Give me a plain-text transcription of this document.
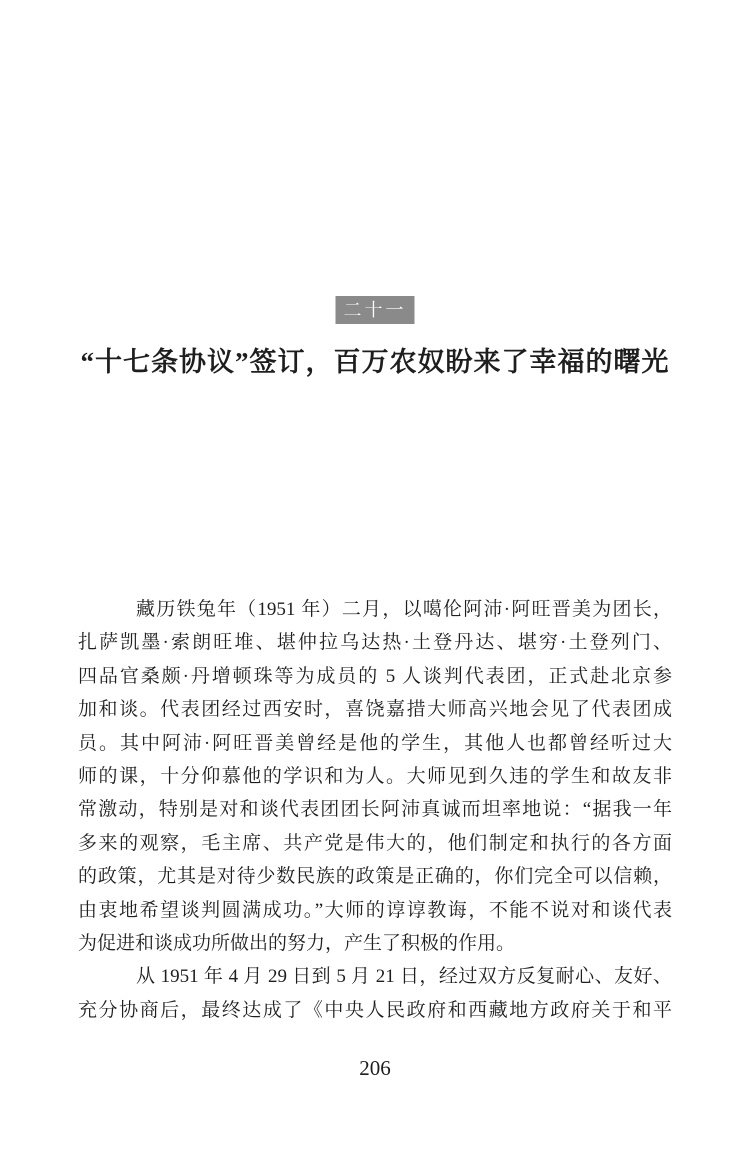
二十一
“十七条协议”签订，百万农奴盼来了幸福的曙光
藏历铁兔年（1951 年）二月，以噶伦阿沛·阿旺晋美为团长，
扎萨凯墨·索朗旺堆、堪仲拉乌达热·土登丹达、堪穷·土登列门、
四品官桑颇·丹增顿珠等为成员的 5 人谈判代表团，正式赴北京参
加和谈。代表团经过西安时，喜饶嘉措大师高兴地会见了代表团成
员。其中阿沛·阿旺晋美曾经是他的学生，其他人也都曾经听过大
师的课，十分仰慕他的学识和为人。大师见到久违的学生和故友非
常激动，特别是对和谈代表团团长阿沛真诚而坦率地说：“据我一年
多来的观察，毛主席、共产党是伟大的，他们制定和执行的各方面
的政策，尤其是对待少数民族的政策是正确的，你们完全可以信赖，
由衷地希望谈判圆满成功。”大师的谆谆教诲，不能不说对和谈代表
为促进和谈成功所做出的努力，产生了积极的作用。
从 1951 年 4 月 29 日到 5 月 21 日，经过双方反复耐心、友好、
充分协商后，最终达成了《中央人民政府和西藏地方政府关于和平
206
